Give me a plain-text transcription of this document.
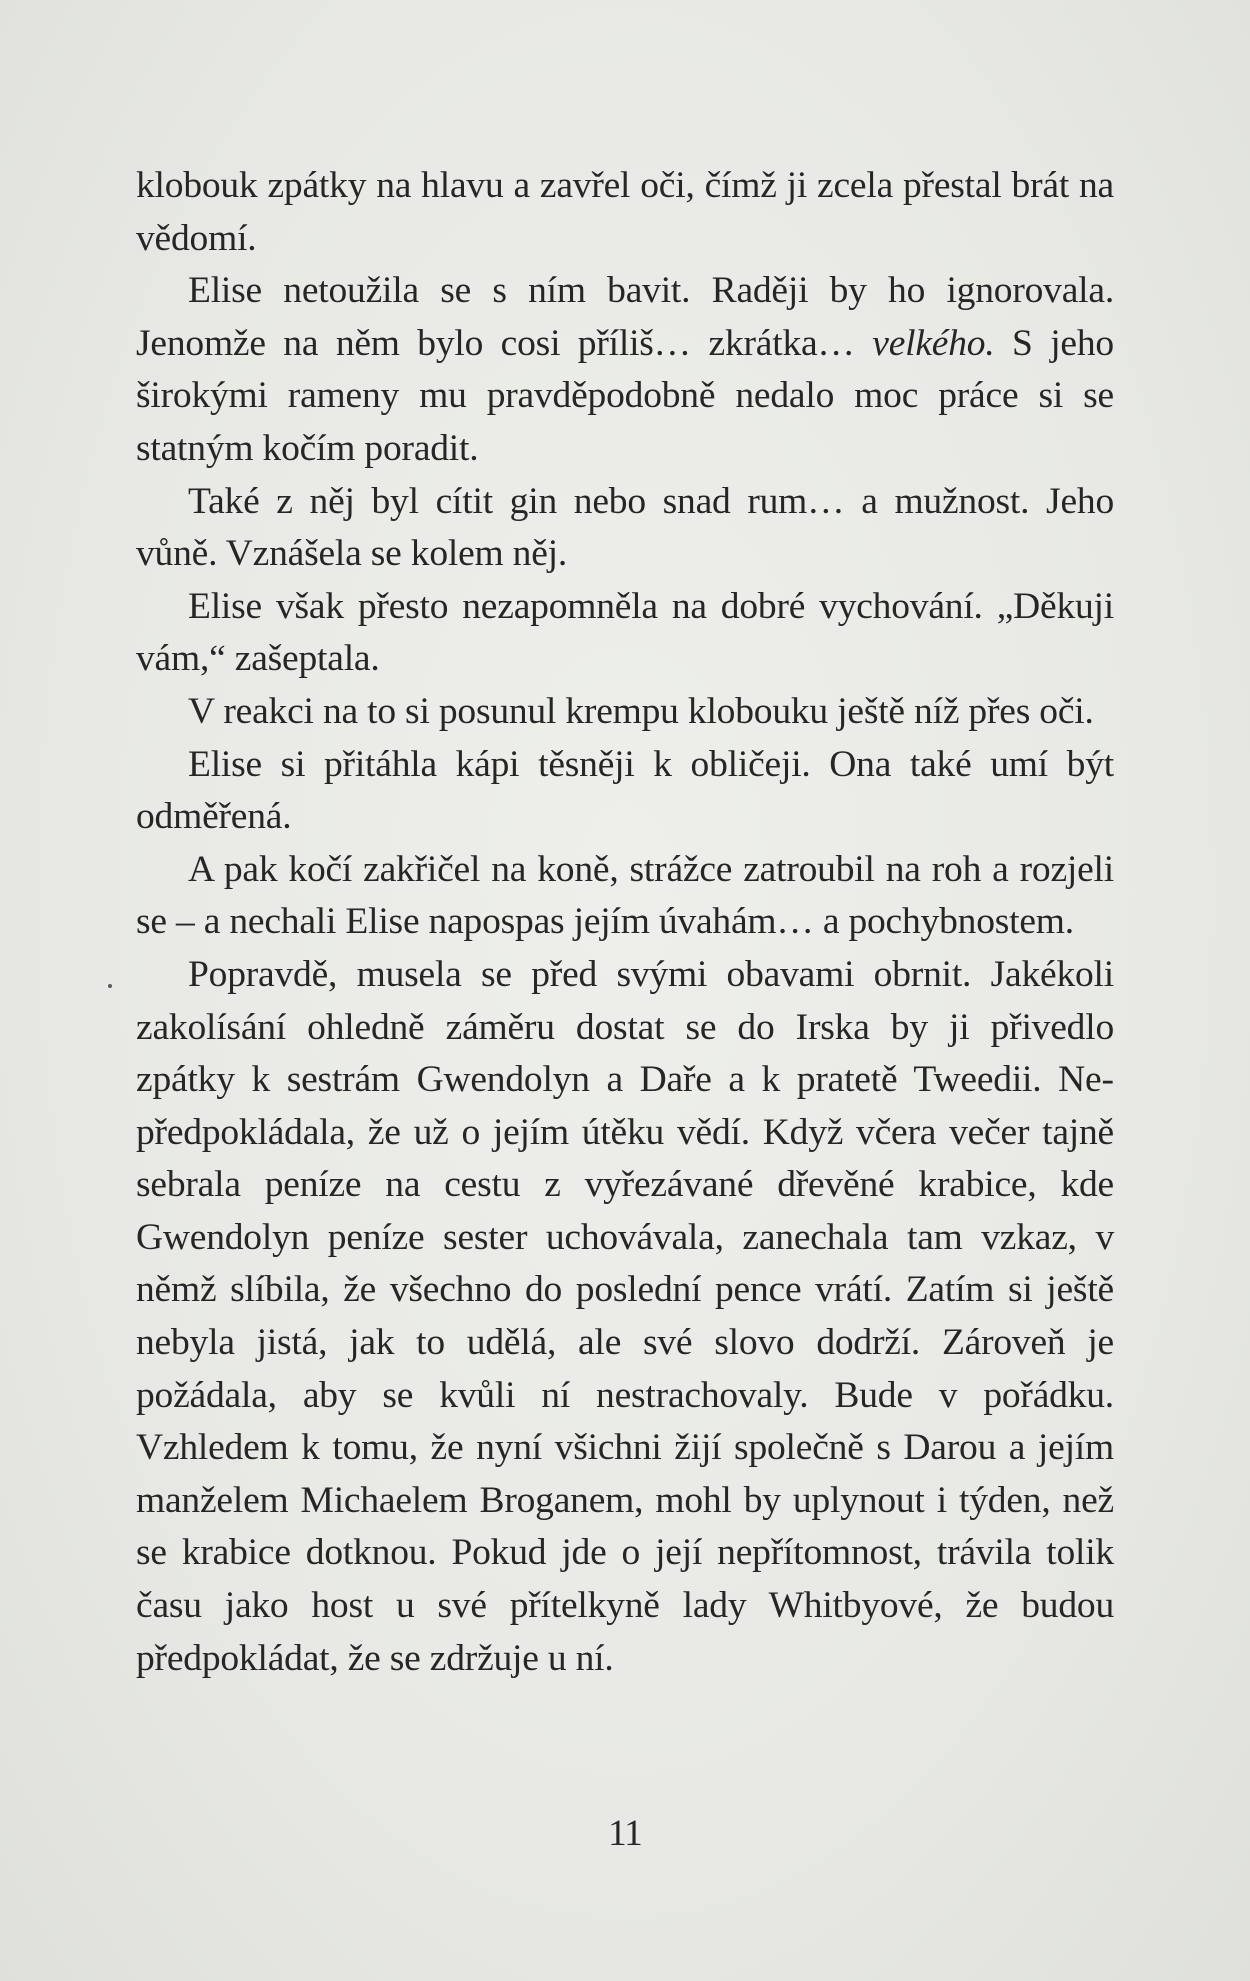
klobouk zpátky na hlavu a zavřel oči, čímž ji zcela přestal brát na vědomí.

Elise netoužila se s ním bavit. Raději by ho ignorovala. Jenomže na něm bylo cosi příliš… zkrátka… velkého. S jeho širokými rameny mu pravděpodobně nedalo moc práce si se statným kočím poradit.

Také z něj byl cítit gin nebo snad rum… a mužnost. Jeho vůně. Vznášela se kolem něj.

Elise však přesto nezapomněla na dobré vychování. „Děkuji vám,“ zašeptala.

V reakci na to si posunul krempu klobouku ještě níž přes oči.

Elise si přitáhla kápi těsněji k obličeji. Ona také umí být odměřená.

A pak kočí zakřičel na koně, strážce zatroubil na roh a rozjeli se – a nechali Elise napospas jejím úvahám… a pochybnostem.

Popravdě, musela se před svými obavami obrnit. Jakékoli zakolísání ohledně záměru dostat se do Irska by ji přivedlo zpátky k sestrám Gwendolyn a Daře a k pratetě Tweedii. Nepředpokládala, že už o jejím útěku vědí. Když včera večer tajně sebrala peníze na cestu z vyřezávané dřevěné krabice, kde Gwendolyn peníze sester uchovávala, zanechala tam vzkaz, v němž slíbila, že všechno do poslední pence vrátí. Zatím si ještě nebyla jistá, jak to udělá, ale své slovo dodrží. Zároveň je požádala, aby se kvůli ní nestrachovaly. Bude v pořádku. Vzhledem k tomu, že nyní všichni žijí společně s Darou a jejím manželem Michaelem Broganem, mohl by uplynout i týden, než se krabice dotknou. Pokud jde o její nepřítomnost, trávila tolik času jako host u své přítelkyně lady Whitbyové, že budou předpokládat, že se zdržuje u ní.

11
